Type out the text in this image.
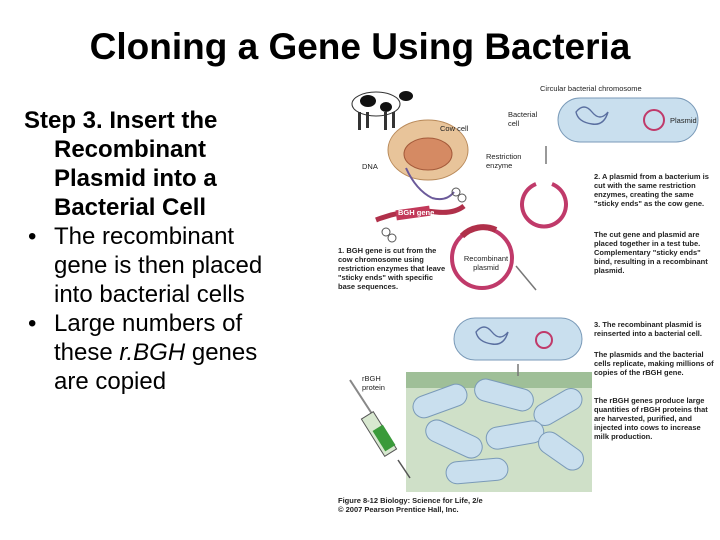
Cloning a Gene Using Bacteria

Step 3. Insert the
Recombinant
Plasmid into a
Bacterial Cell

• The recombinant
gene is then placed
into bacterial cells
• Large numbers of
these r.BGH genes
are copied
Circular bacterial chromosome
Cow cell
Bacterial cell	Plasmid
DNA
Restriction enzyme
BGH gene
Recombinant plasmid
rBGH protein
1. BGH gene is cut from the cow chromosome using restriction enzymes that leave "sticky ends" with specific base sequences.
2. A plasmid from a bacterium is cut with the same restriction enzymes, creating the same "sticky ends" as the cow gene.
The cut gene and plasmid are placed together in a test tube. Complementary "sticky ends" bind, resulting in a recombinant plasmid.
3. The recombinant plasmid is reinserted into a bacterial cell.
The plasmids and the bacterial cells replicate, making millions of copies of the rBGH gene.
The rBGH genes produce large quantities of rBGH proteins that are harvested, purified, and injected into cows to increase milk production.
Figure 8-12 Biology: Science for Life, 2/e
© 2007 Pearson Prentice Hall, Inc.
